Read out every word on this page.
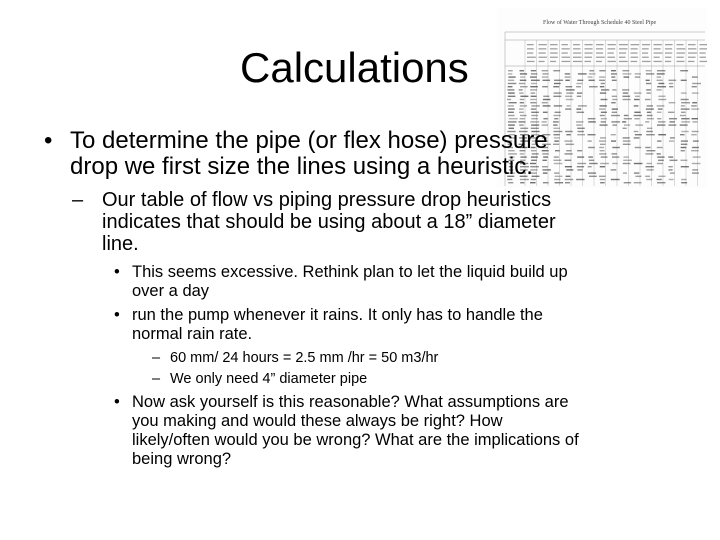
Flow of Water Through Schedule 40 Steel Pipe
Calculations
• To determine the pipe (or flex hose) pressure
drop we first size the lines using a heuristic.
– Our table of flow vs piping pressure drop heuristics
indicates that should be using about a 18” diameter
line.
• This seems excessive. Rethink plan to let the liquid build up
over a day
• run the pump whenever it rains. It only has to handle the
normal rain rate.
– 60 mm/ 24 hours = 2.5 mm /hr = 50 m3/hr
– We only need 4” diameter pipe
• Now ask yourself is this reasonable? What assumptions are
you making and would these always be right? How
likely/often would you be wrong? What are the implications of
being wrong?
